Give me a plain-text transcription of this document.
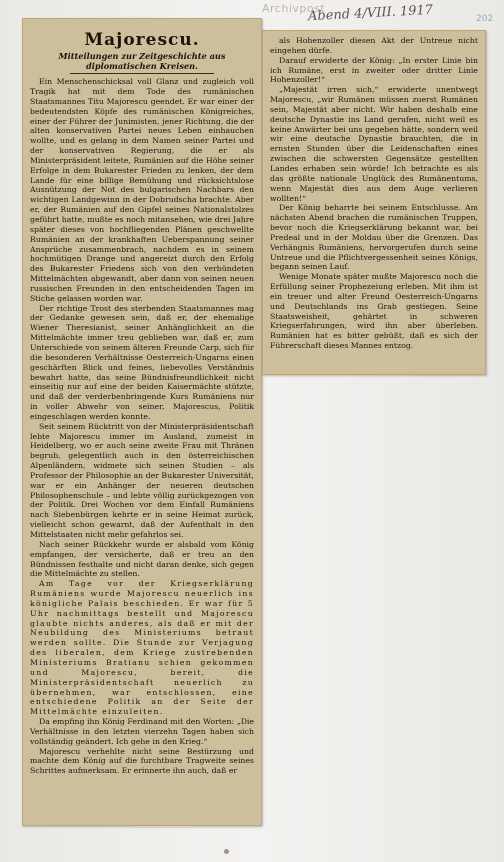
Archivpost
Abend 4/VIII. 1917	202
Majorescu.
Mitteilungen zur Zeitgeschichte aus diplomatischen Kreisen.

Ein Menschenschicksal voll Glanz und zugleich voll Tragik hat mit dem Tode des rumänischen Staatsmannes Titu Majorescu geendet. Er war einer der bedeutendsten Köpfe des rumänischen Königreiches, einer der Führer der Junimisten, jener Richtung, die der alten konservativen Partei neues Leben einhauchen wollte, und es gelang in dem Namen seiner Partei und der konservativen Regierung, die er als Ministerpräsident leitete, Rumänien auf die Höhe seiner Erfolge in dem Bukarester Frieden zu lenken, der dem Lande für eine billige Bemühung und rücksichtslose Ausnützung der Not des bulgarischen Nachbars den wichtigen Landgewinn in der Dobrudscha brachte. Aber er, der Rumänien auf den Gipfel seines Nationalstolzes geführt hatte, mußte es noch mitansehen, wie drei Jahre später dieses von hochfliegenden Plänen geschwellte Rumänien an der krankhaften Ueberspannung seiner Ansprüche zusammenbrach, nachdem es in seinem hochmütigen Drange und angereizt durch den Erfolg des Bukarester Friedens sich von den verbündeten Mittelmächten abgewandt, aber dann von seinen neuen russischen Freunden in den entscheidenden Tagen im Stiche gelassen worden war.

Der richtige Trost des sterbenden Staatsmannes mag der Gedanke gewesen sein, daß er, der ehemalige Wiener Theresianist, seiner Anhänglichkeit an die Mittelmächte immer treu geblieben war, daß er, zum Unterschiede von seinem älteren Freunde Carp, sich für die besonderen Verhältnisse Oesterreich-Ungarns einen geschärften Blick und feines, liebevolles Verständnis bewahrt hatte, das seine Bündnisfreundlichkeit nicht einseitig nur auf eine der beiden Kaisermächte stützte, und daß der verderbenbringende Kurs Rumäniens nur in voller Abwehr von seiner, Majorescus, Politik eingeschlagen werden konnte.

Seit seinem Rücktritt von der Ministerpräsidentschaft lebte Majorescu immer im Ausland, zumeist in Heidelberg, wo er auch seine zweite Frau mit Thränen begrub, gelegentlich auch in den österreichischen Alpenländern, widmete sich seinen Studien – als Professor der Philosophie an der Bukarester Universität, war er ein Anhänger der neueren deutschen Philosophenschule – und lebte völlig zurückgezogen von der Politik. Drei Wochen vor dem Einfall Rumäniens nach Siebenbürgen kehrte er in seine Heimat zurück, vielleicht schon gewarnt, daß der Aufenthalt in den Mittelstaaten nicht mehr gefahrlos sei.

Nach seiner Rückkehr wurde er alsbald vom König empfangen, der versicherte, daß er treu an den Bündnissen festhalte und nicht daran denke, sich gegen die Mittelmächte zu stellen.

Am Tage vor der Kriegserklärung Rumäniens wurde Majorescu neuerlich ins königliche Palais beschieden. Er war für 5 Uhr nachmittags bestellt und Majorescu glaubte nichts anderes, als daß er mit der Neubildung des Ministeriums betraut werden sollte. Die Stunde zur Verjagung des liberalen, dem Kriege zustrebenden Ministeriums Bratianu schien gekommen und Majorescu, bereit, die Ministerpräsidentschaft neuerlich zu übernehmen, war entschlossen, eine entschiedene Politik an der Seite der Mittelmächte einzuleiten.

Da empfing ihn König Ferdinand mit den Worten: „Die Verhältnisse in den letzten vierzehn Tagen haben sich vollständig geändert. Ich gehe in den Krieg.“

Majorescu verhehlte nicht seine Bestürzung und machte dem König auf die furchtbare Tragweite seines Schrittes aufmerksam. Er erinnerte ihn auch, daß er

als Hohenzoller diesen Akt der Untreue nicht eingehen dürfe.

Darauf erwiderte der König: „In erster Linie bin ich Rumäne, erst in zweiter oder dritter Linie Hohenzoller!“

„Majestät irren sich,“ erwiderte unentwegt Majorescu, „wir Rumänen müssen zuerst Rumänen sein, Majestät aber nicht. Wir haben deshalb eine deutsche Dynastie ins Land gerufen, nicht weil es keine Anwärter bei uns gegeben hätte, sondern weil wir eine deutsche Dynastie brauchten, die in ernsten Stunden über die Leidenschaften eines zwischen die schwersten Gegensätze gestellten Landes erhaben sein würde! Ich betrachte es als das größte nationale Unglück des Rumänentums, wenn Majestät dies aus dem Auge verlieren wollten!“

Der König beharrte bei seinem Entschlusse. Am nächsten Abend brachen die rumänischen Truppen, bevor noch die Kriegserklärung bekannt war, bei Predeal und in der Moldau über die Grenzen. Das Verhängnis Rumäniens, hervorgerufen durch seine Untreue und die Pflichtvergessenheit seines Königs, begann seinen Lauf.

Wenige Monate später mußte Majorescu noch die Erfüllung seiner Prophezeiung erleben. Mit ihm ist ein treuer und alter Freund Oesterreich-Ungarns und Deutschlands ins Grab gestiegen. Seine Staatsweisheit, gehärtet in schweren Kriegserfahrungen, wird ihn aber überleben. Rumänien hat es bitter gebüßt, daß es sich der Führerschaft dieses Mannes entzog.
